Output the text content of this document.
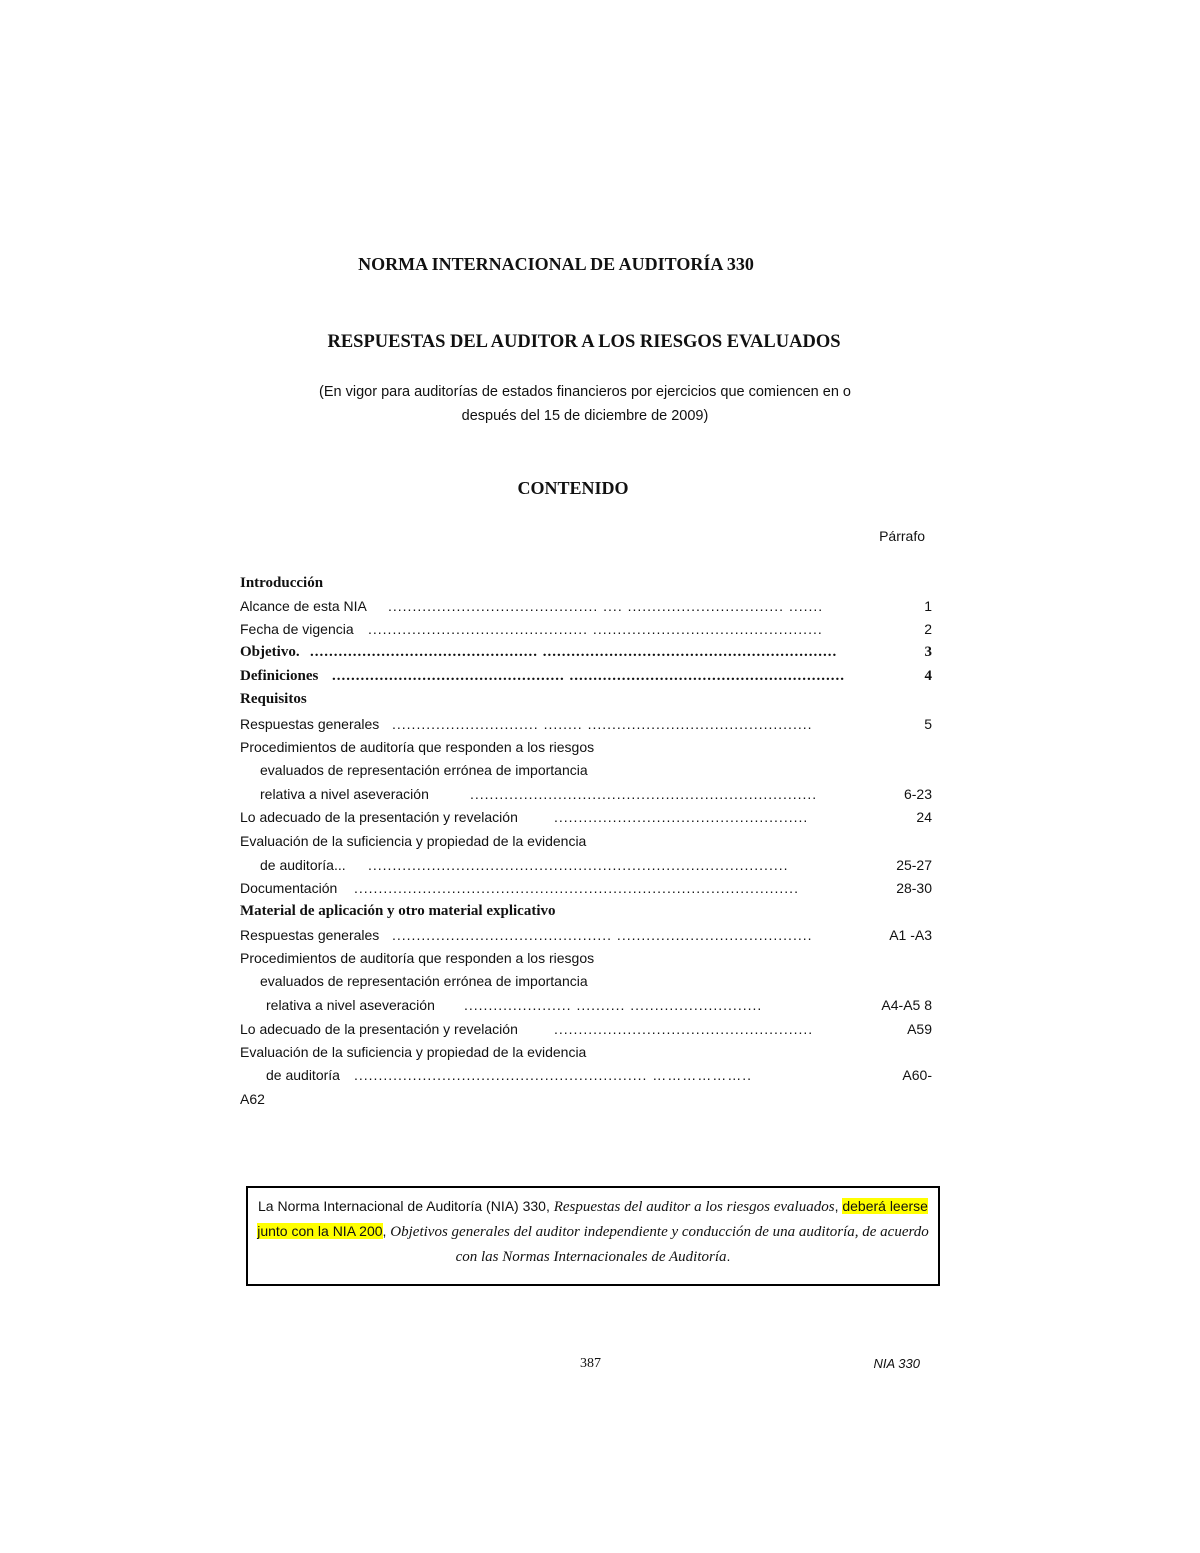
NORMA INTERNACIONAL DE AUDITORÍA 330
RESPUESTAS DEL AUDITOR A LOS RIESGOS EVALUADOS
(En vigor para auditorías de estados financieros por ejercicios que comiencen en o
después del 15 de diciembre de 2009)
CONTENIDO
Párrafo
Introducción
Alcance de esta NIA ........................................... .... ................................ .......	1
Fecha de vigencia ............................................. ...............................................	2
Objetivo. ................................................ ..............................................................	3
Definiciones ................................................. ..........................................................	4
Requisitos
Respuestas generales .............................. ........ ..............................................	5
Procedimientos de auditoría que responden a los riesgos
evaluados de representación errónea de importancia
relativa a nivel aseveración	.......................................................................	6-23
Lo adecuado de la presentación y revelación	....................................................	24
Evaluación de la suficiencia y propiedad de la evidencia
de auditoría... ......................................................................................	25-27
Documentación ...........................................................................................	28-30
Material de aplicación y otro material explicativo
Respuestas generales ............................................. ........................................	A1 -A3
Procedimientos de auditoría que responden a los riesgos
evaluados de representación errónea de importancia
relativa a nivel aseveración ...................... .......... ...........................	A4-A5 8
Lo adecuado de la presentación y revelación	.....................................................	A59
Evaluación de la suficiencia y propiedad de la evidencia
de auditoría ............................................................ ………………..	A60-
A62
La Norma Internacional de Auditoría (NIA) 330, Respuestas del auditor a los riesgos evaluados, deberá leerse junto con la NIA 200, Objetivos generales del auditor independiente y conducción de una auditoría, de acuerdo con las Normas Internacionales de Auditoría.
387	NIA 330
